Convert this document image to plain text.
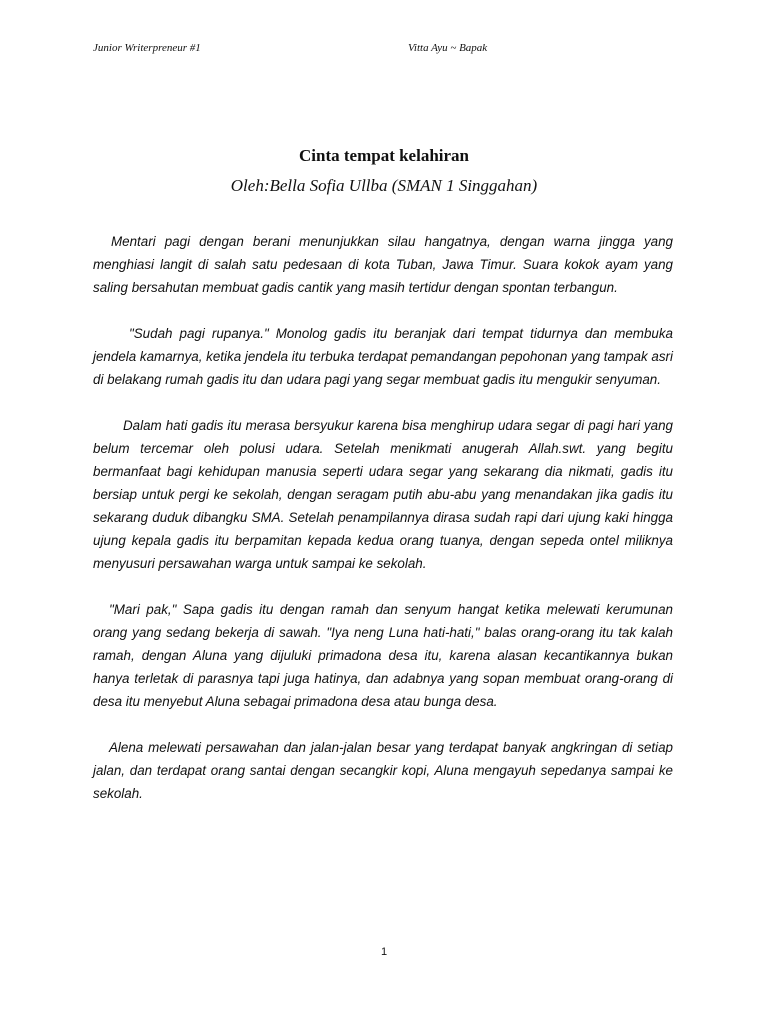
Junior Writerpreneur #1	Vitta Ayu ~ Bapak
Cinta tempat kelahiran
Oleh:Bella Sofia Ullba (SMAN 1 Singgahan)

Mentari pagi dengan berani menunjukkan silau hangatnya, dengan warna jingga yang menghiasi langit di salah satu pedesaan di kota Tuban, Jawa Timur. Suara kokok ayam yang saling bersahutan membuat gadis cantik yang masih tertidur dengan spontan terbangun.

"Sudah pagi rupanya." Monolog gadis itu beranjak dari tempat tidurnya dan membuka jendela kamarnya, ketika jendela itu terbuka terdapat pemandangan pepohonan yang tampak asri di belakang rumah gadis itu dan udara pagi yang segar membuat gadis itu mengukir senyuman.

Dalam hati gadis itu merasa bersyukur karena bisa menghirup udara segar di pagi hari yang belum tercemar oleh polusi udara. Setelah menikmati anugerah Allah.swt. yang begitu bermanfaat bagi kehidupan manusia seperti udara segar yang sekarang dia nikmati, gadis itu bersiap untuk pergi ke sekolah, dengan seragam putih abu-abu yang menandakan jika gadis itu sekarang duduk dibangku SMA. Setelah penampilannya dirasa sudah rapi dari ujung kaki hingga ujung kepala gadis itu berpamitan kepada kedua orang tuanya, dengan sepeda ontel miliknya menyusuri persawahan warga untuk sampai ke sekolah.

"Mari pak," Sapa gadis itu dengan ramah dan senyum hangat ketika melewati kerumunan orang yang sedang bekerja di sawah. "Iya neng Luna hati-hati," balas orang-orang itu tak kalah ramah, dengan Aluna yang dijuluki primadona desa itu, karena alasan kecantikannya bukan hanya terletak di parasnya tapi juga hatinya, dan adabnya yang sopan membuat orang-orang di desa itu menyebut Aluna sebagai primadona desa atau bunga desa.

Alena melewati persawahan dan jalan-jalan besar yang terdapat banyak angkringan di setiap jalan, dan terdapat orang santai dengan secangkir kopi, Aluna mengayuh sepedanya sampai ke sekolah.

1
